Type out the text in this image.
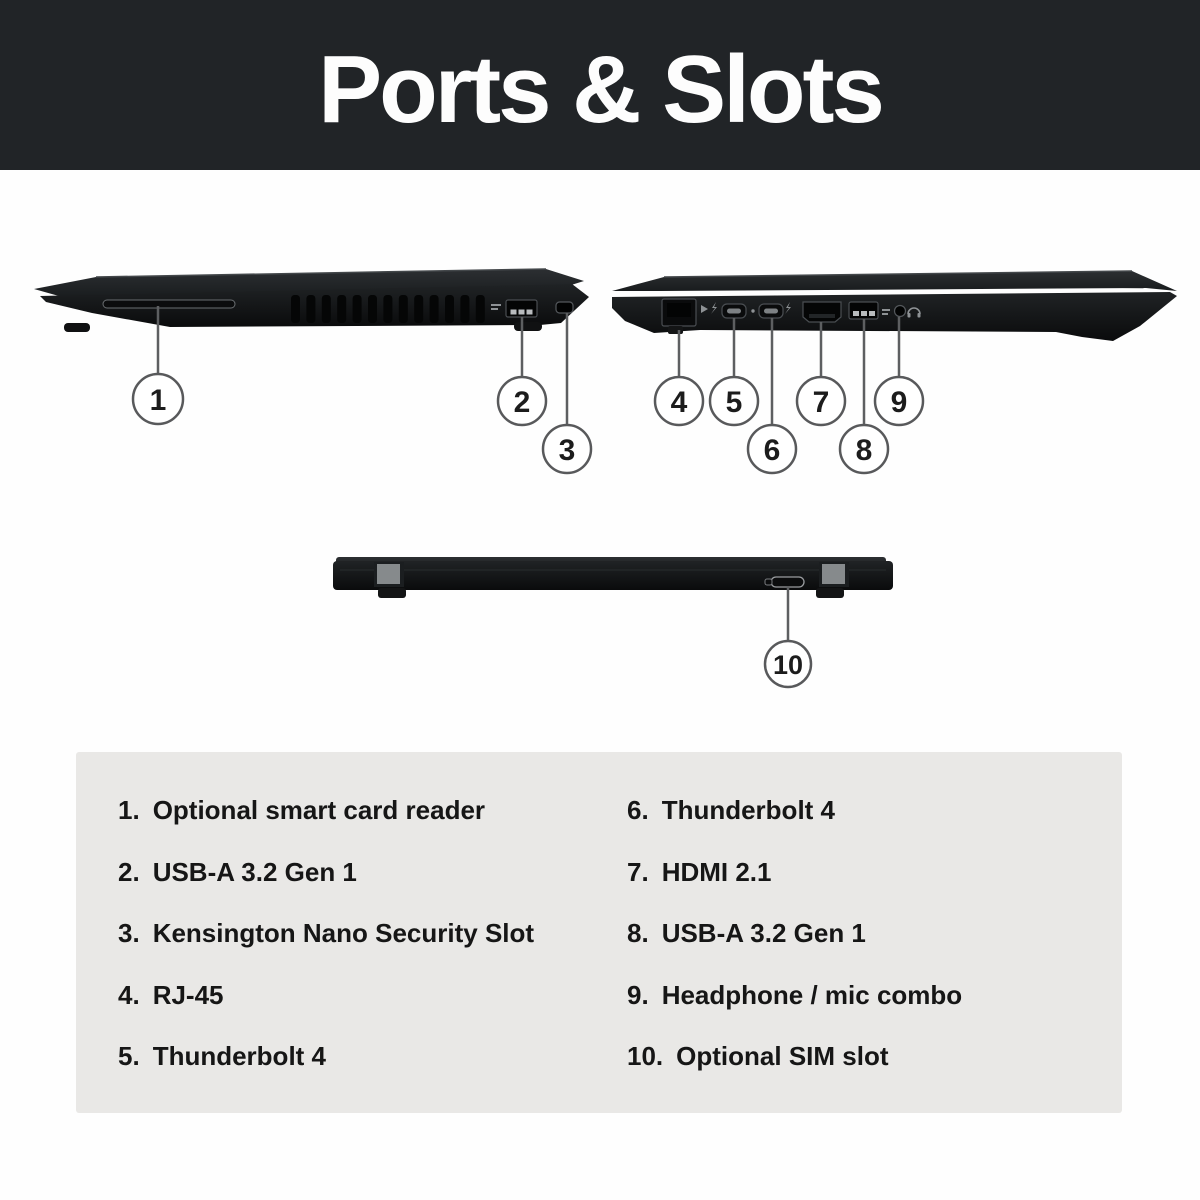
1	2
3
4 5
6
7
8
9
10
Ports & Slots
1. Optional smart card reader
2. USB-A 3.2 Gen 1
3. Kensington Nano Security Slot
4. RJ-45
5. Thunderbolt 4
6. Thunderbolt 4
7. HDMI 2.1
8. USB-A 3.2 Gen 1
9. Headphone / mic combo
10. Optional SIM slot
